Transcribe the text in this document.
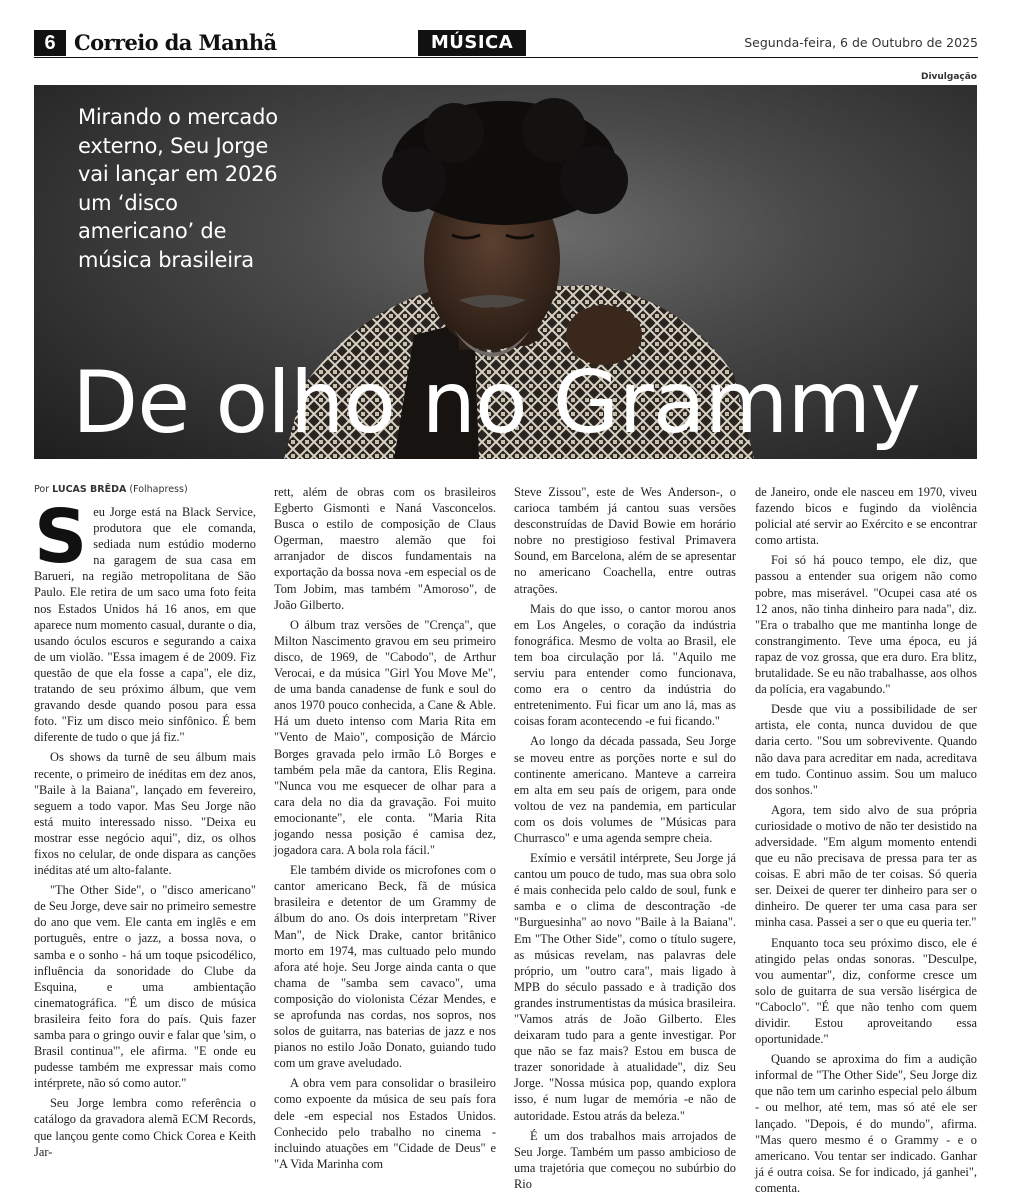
6 Correio da Manhã	MÚSICA	Segunda-feira, 6 de Outubro de 2025
Divulgação
Mirando o mercado externo, Seu Jorge vai lançar em 2026 um ‘disco americano’ de música brasileira
De olho no Grammy
Por LUCAS BRÊDA (Folhapress)

Seu Jorge está na Black Service, produtora que ele comanda, sediada num estúdio moderno na garagem de sua casa em Barueri, na região metropolitana de São Paulo. Ele retira de um saco uma foto feita nos Estados Unidos há 16 anos, em que aparece num momento casual, durante o dia, usando óculos escuros e segurando a caixa de um violão. "Essa imagem é de 2009. Fiz questão de que ela fosse a capa", ele diz, tratando de seu próximo álbum, que vem gravando desde quando posou para essa foto. "Fiz um disco meio sinfônico. É bem diferente de tudo o que já fiz."

Os shows da turnê de seu álbum mais recente, o primeiro de inéditas em dez anos, "Baile à la Baiana", lançado em fevereiro, seguem a todo vapor. Mas Seu Jorge não está muito interessado nisso. "Deixa eu mostrar esse negócio aqui", diz, os olhos fixos no celular, de onde dispara as canções inéditas até um alto-falante.

"The Other Side", o "disco americano" de Seu Jorge, deve sair no primeiro semestre do ano que vem. Ele canta em inglês e em português, entre o jazz, a bossa nova, o samba e o sonho - há um toque psicodélico, influência da sonoridade do Clube da Esquina, e uma ambientação cinematográfica. "É um disco de música brasileira feito fora do país. Quis fazer samba para o gringo ouvir e falar que 'sim, o Brasil continua'", ele afirma. "E onde eu pudesse também me expressar mais como intérprete, não só como autor."

Seu Jorge lembra como referência o catálogo da gravadora alemã ECM Records, que lançou gente como Chick Corea e Keith Jar-

rett, além de obras com os brasileiros Egberto Gismonti e Naná Vasconcelos. Busca o estilo de composição de Claus Ogerman, maestro alemão que foi arranjador de discos fundamentais na exportação da bossa nova -em especial os de Tom Jobim, mas também "Amoroso", de João Gilberto.

O álbum traz versões de "Crença", que Milton Nascimento gravou em seu primeiro disco, de 1969, de "Cabodo", de Arthur Verocai, e da música "Girl You Move Me", de uma banda canadense de funk e soul do anos 1970 pouco conhecida, a Cane & Able. Há um dueto intenso com Maria Rita em "Vento de Maio", composição de Márcio Borges gravada pelo irmão Lô Borges e também pela mãe da cantora, Elis Regina. "Nunca vou me esquecer de olhar para a cara dela no dia da gravação. Foi muito emocionante", ele conta. "Maria Rita jogando nessa posição é camisa dez, jogadora cara. A bola rola fácil."

Ele também divide os microfones com o cantor americano Beck, fã de música brasileira e detentor de um Grammy de álbum do ano. Os dois interpretam "River Man", de Nick Drake, cantor britânico morto em 1974, mas cultuado pelo mundo afora até hoje. Seu Jorge ainda canta o que chama de "samba sem cavaco", uma composição do violonista Cézar Mendes, e se aprofunda nas cordas, nos sopros, nos solos de guitarra, nas baterias de jazz e nos pianos no estilo João Donato, guiando tudo com um grave aveludado.

A obra vem para consolidar o brasileiro como expoente da música de seu país fora dele -em especial nos Estados Unidos. Conhecido pelo trabalho no cinema -incluindo atuações em "Cidade de Deus" e "A Vida Marinha com

Steve Zissou", este de Wes Anderson-, o carioca também já cantou suas versões desconstruídas de David Bowie em horário nobre no prestigioso festival Primavera Sound, em Barcelona, além de se apresentar no americano Coachella, entre outras atrações.

Mais do que isso, o cantor morou anos em Los Angeles, o coração da indústria fonográfica. Mesmo de volta ao Brasil, ele tem boa circulação por lá. "Aquilo me serviu para entender como funcionava, como era o centro da indústria do entretenimento. Fui ficar um ano lá, mas as coisas foram acontecendo -e fui ficando."

Ao longo da década passada, Seu Jorge se moveu entre as porções norte e sul do continente americano. Manteve a carreira em alta em seu país de origem, para onde voltou de vez na pandemia, em particular com os dois volumes de "Músicas para Churrasco" e uma agenda sempre cheia.

Exímio e versátil intérprete, Seu Jorge já cantou um pouco de tudo, mas sua obra solo é mais conhecida pelo caldo de soul, funk e samba e o clima de descontração -de "Burguesinha" ao novo "Baile à la Baiana". Em "The Other Side", como o título sugere, as músicas revelam, nas palavras dele próprio, um "outro cara", mais ligado à MPB do século passado e à tradição dos grandes instrumentistas da música brasileira. "Vamos atrás de João Gilberto. Eles deixaram tudo para a gente investigar. Por que não se faz mais? Estou em busca de trazer sonoridade à atualidade", diz Seu Jorge. "Nossa música pop, quando explora isso, é num lugar de memória -e não de autoridade. Estou atrás da beleza."

É um dos trabalhos mais arrojados de Seu Jorge. Também um passo ambicioso de uma trajetória que começou no subúrbio do Rio

de Janeiro, onde ele nasceu em 1970, viveu fazendo bicos e fugindo da violência policial até servir ao Exército e se encontrar como artista.

Foi só há pouco tempo, ele diz, que passou a entender sua origem não como pobre, mas miserável. "Ocupei casa até os 12 anos, não tinha dinheiro para nada", diz. "Era o trabalho que me mantinha longe de constrangimento. Teve uma época, eu já rapaz de voz grossa, que era duro. Era blitz, brutalidade. Se eu não trabalhasse, aos olhos da polícia, era vagabundo."

Desde que viu a possibilidade de ser artista, ele conta, nunca duvidou de que daria certo. "Sou um sobrevivente. Quando não dava para acreditar em nada, acreditava em tudo. Continuo assim. Sou um maluco dos sonhos."

Agora, tem sido alvo de sua própria curiosidade o motivo de não ter desistido na adversidade. "Em algum momento entendi que eu não precisava de pressa para ter as coisas. E abri mão de ter coisas. Só queria ser. Deixei de querer ter dinheiro para ser o dinheiro. De querer ter uma casa para ser minha casa. Passei a ser o que eu queria ter."

Enquanto toca seu próximo disco, ele é atingido pelas ondas sonoras. "Desculpe, vou aumentar", diz, conforme cresce um solo de guitarra de sua versão lisérgica de "Caboclo". "É que não tenho com quem dividir. Estou aproveitando essa oportunidade."

Quando se aproxima do fim a audição informal de "The Other Side", Seu Jorge diz que não tem um carinho especial pelo álbum - ou melhor, até tem, mas só até ele ser lançado. "Depois, é do mundo", afirma. "Mas quero mesmo é o Grammy - e o americano. Vou tentar ser indicado. Ganhar já é outra coisa. Se for indicado, já ganhei", comenta.
